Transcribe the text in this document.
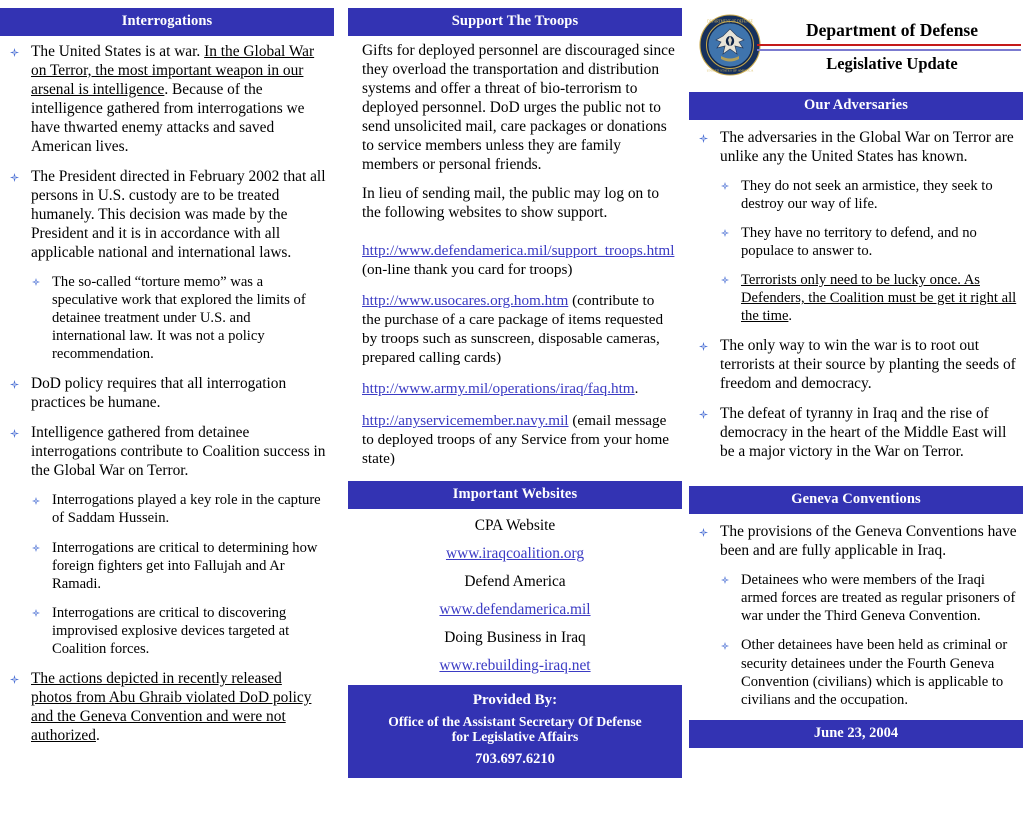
Interrogations
The United States is at war. In the Global War on Terror, the most important weapon in our arsenal is intelligence. Because of the intelligence gathered from interrogations we have thwarted enemy attacks and saved American lives.
The President directed in February 2002 that all persons in U.S. custody are to be treated humanely. This decision was made by the President and it is in accordance with all applicable national and international laws.
The so-called “torture memo” was a speculative work that explored the limits of detainee treatment under U.S. and international law. It was not a policy recommendation.
DoD policy requires that all interrogation practices be humane.
Intelligence gathered from detainee interrogations contribute to Coalition success in the Global War on Terror.
Interrogations played a key role in the capture of Saddam Hussein.
Interrogations are critical to determining how foreign fighters get into Fallujah and Ar Ramadi.
Interrogations are critical to discovering improvised explosive devices targeted at Coalition forces.
The actions depicted in recently released photos from Abu Ghraib violated DoD policy and the Geneva Convention and were not authorized.
Support The Troops

Gifts for deployed personnel are discouraged since they overload the transportation and distribution systems and offer a threat of bio-terrorism to deployed personnel. DoD urges the public not to send unsolicited mail, care packages or donations to service members unless they are family members or personal friends.

In lieu of sending mail, the public may log on to the following websites to show support.

http://www.defendamerica.mil/support_troops.html (on-line thank you card for troops)

http://www.usocares.org.hom.htm (contribute to the purchase of a care package of items requested by troops such as sunscreen, disposable cameras, prepared calling cards)

http://www.army.mil/operations/iraq/faq.htm.

http://anyservicemember.navy.mil (email message to deployed troops of any Service from your home state)

Important Websites
CPA Website
www.iraqcoalition.org
Defend America
www.defendamerica.mil
Doing Business in Iraq
www.rebuilding-iraq.net
Provided By:
Office of the Assistant Secretary Of Defense
for Legislative Affairs
703.697.6210
DEPARTMENT OF DEFENSE
UNITED STATES OF AMERICA
Department of Defense
Legislative Update
Our Adversaries
The adversaries in the Global War on Terror are unlike any the United States has known.
They do not seek an armistice, they seek to destroy our way of life.
They have no territory to defend, and no populace to answer to.
Terrorists only need to be lucky once. As Defenders, the Coalition must be get it right all the time.
The only way to win the war is to root out terrorists at their source by planting the seeds of freedom and democracy.
The defeat of tyranny in Iraq and the rise of democracy in the heart of the Middle East will be a major victory in the War on Terror.
Geneva Conventions
The provisions of the Geneva Conventions have been and are fully applicable in Iraq.
Detainees who were members of the Iraqi armed forces are treated as regular prisoners of war under the Third Geneva Convention.
Other detainees have been held as criminal or security detainees under the Fourth Geneva Convention (civilians) which is applicable to civilians and the occupation.
June 23, 2004
